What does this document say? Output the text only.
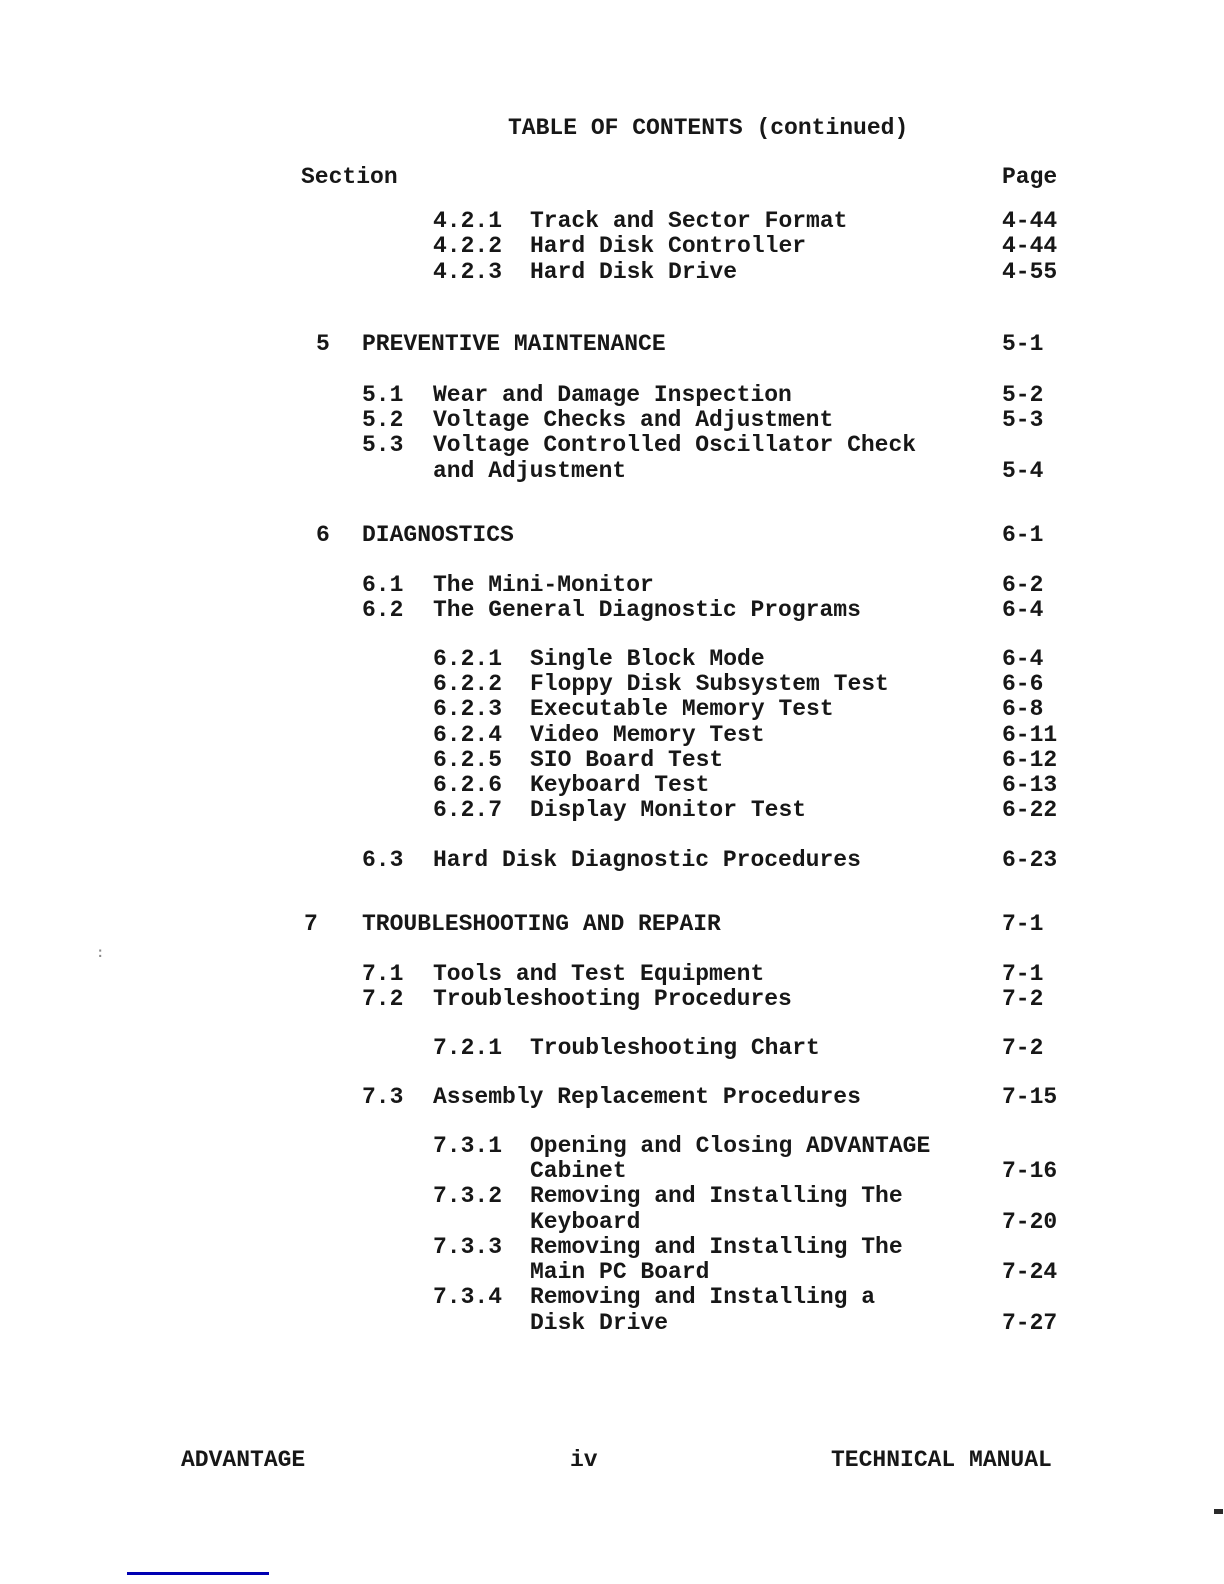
TABLE OF CONTENTS (continued)
Section	Page
4.2.1 Track and Sector Format	4-44
4.2.2 Hard Disk Controller	4-44
4.2.3 Hard Disk Drive	4-55
5 PREVENTIVE MAINTENANCE	5-1
5.1 Wear and Damage Inspection	5-2
5.2 Voltage Checks and Adjustment	5-3
5.3 Voltage Controlled Oscillator Check
and Adjustment	5-4
6 DIAGNOSTICS	6-1
6.1 The Mini-Monitor	6-2
6.2 The General Diagnostic Programs	6-4
6.2.1 Single Block Mode	6-4
6.2.2 Floppy Disk Subsystem Test	6-6
6.2.3 Executable Memory Test	6-8
6.2.4 Video Memory Test	6-11
6.2.5 SIO Board Test	6-12
6.2.6 Keyboard Test	6-13
6.2.7 Display Monitor Test	6-22
6.3 Hard Disk Diagnostic Procedures	6-23
7 TROUBLESHOOTING AND REPAIR	7-1
7.1 Tools and Test Equipment	7-1
7.2 Troubleshooting Procedures	7-2
7.2.1 Troubleshooting Chart	7-2
7.3 Assembly Replacement Procedures	7-15
7.3.1 Opening and Closing ADVANTAGE
Cabinet	7-16
7.3.2 Removing and Installing The
Keyboard	7-20
7.3.3 Removing and Installing The
Main PC Board	7-24
7.3.4 Removing and Installing a
Disk Drive	7-27
ADVANTAGE	iv	TECHNICAL MANUAL
:
